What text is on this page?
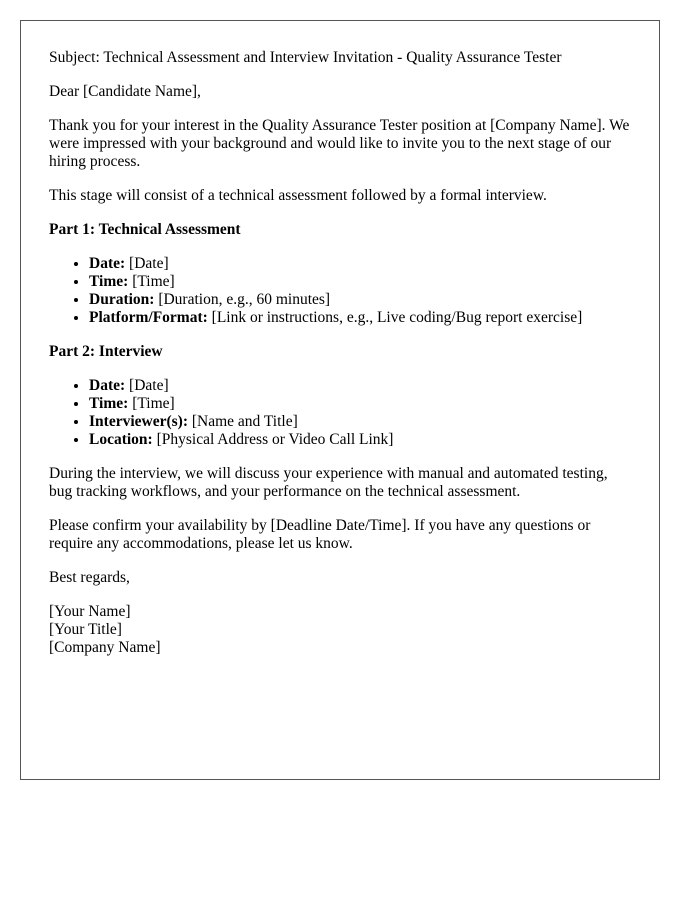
Subject: Technical Assessment and Interview Invitation - Quality Assurance Tester

Dear [Candidate Name],

Thank you for your interest in the Quality Assurance Tester position at [Company Name]. We were impressed with your background and would like to invite you to the next stage of our hiring process.

This stage will consist of a technical assessment followed by a formal interview.

Part 1: Technical Assessment
• Date: [Date]
• Time: [Time]
• Duration: [Duration, e.g., 60 minutes]
• Platform/Format: [Link or instructions, e.g., Live coding/Bug report exercise]
Part 2: Interview
• Date: [Date]
• Time: [Time]
• Interviewer(s): [Name and Title]
• Location: [Physical Address or Video Call Link]

During the interview, we will discuss your experience with manual and automated testing, bug tracking workflows, and your performance on the technical assessment.

Please confirm your availability by [Deadline Date/Time]. If you have any questions or require any accommodations, please let us know.

Best regards,

[Your Name]
[Your Title]
[Company Name]
